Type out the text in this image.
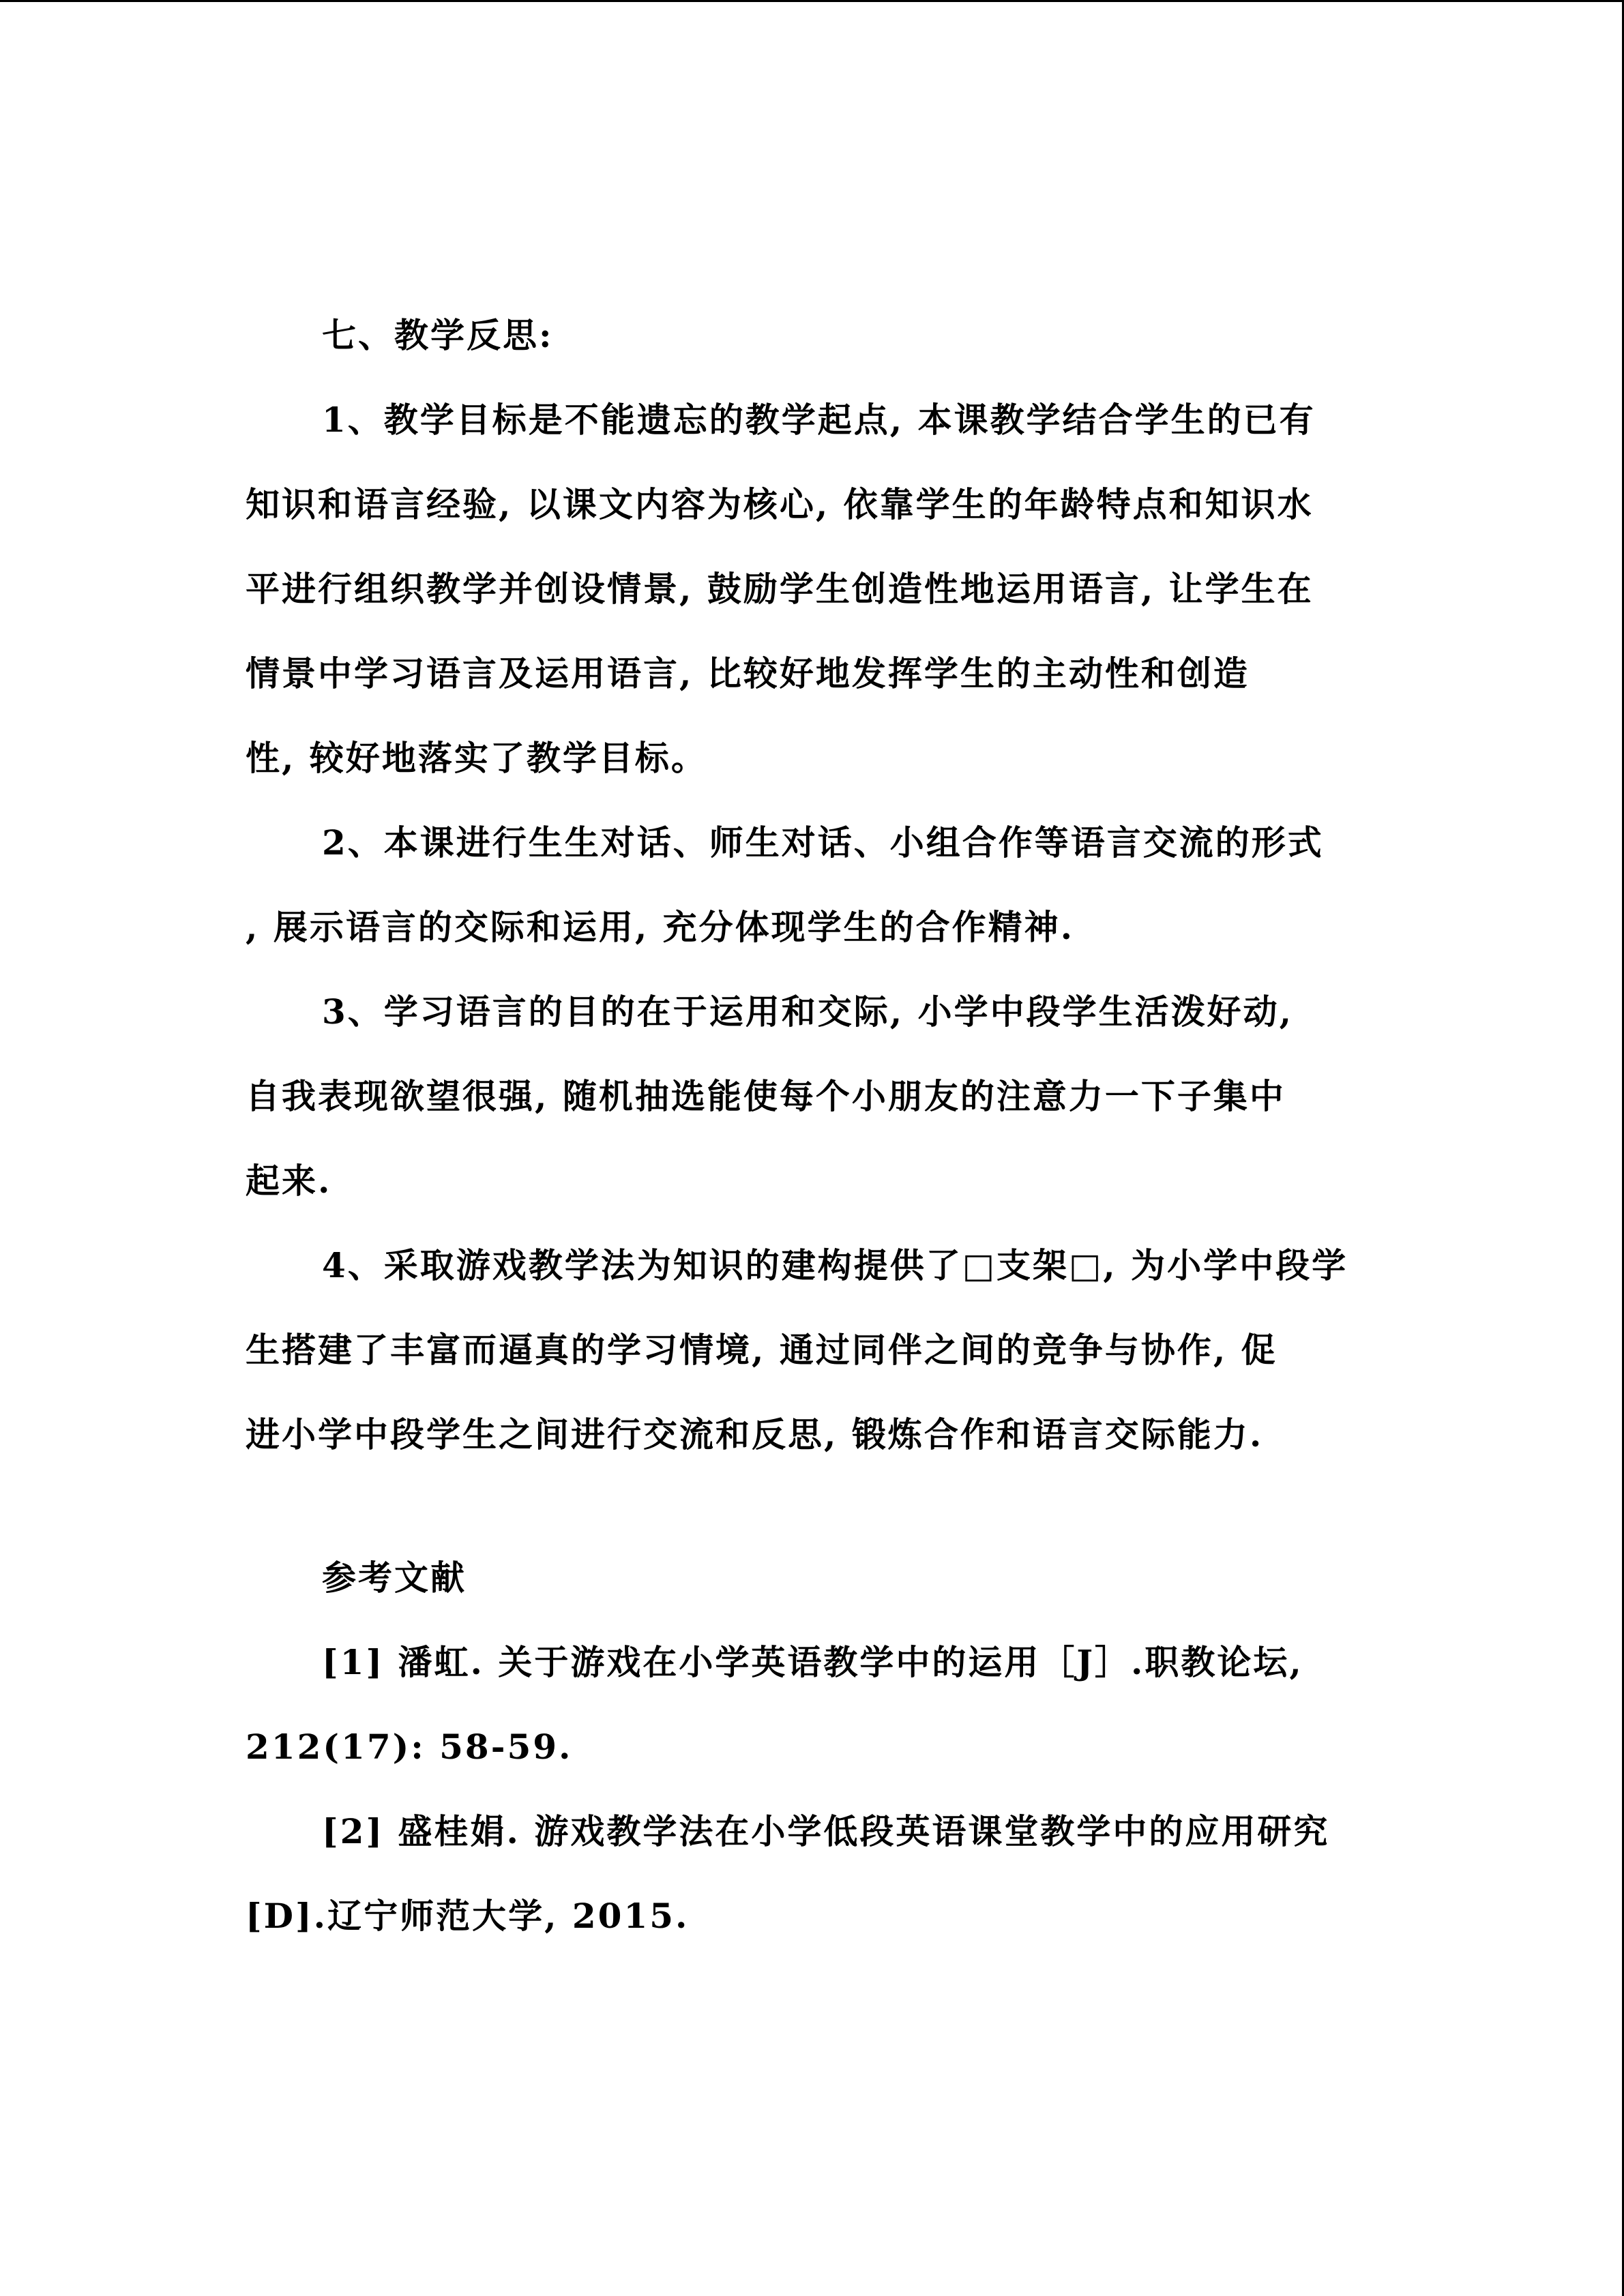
七、教学反思:
1、教学目标是不能遗忘的教学起点, 本课教学结合学生的已有
知识和语言经验, 以课文内容为核心, 依靠学生的年龄特点和知识水
平进行组织教学并创设情景, 鼓励学生创造性地运用语言, 让学生在
情景中学习语言及运用语言, 比较好地发挥学生的主动性和创造
性, 较好地落实了教学目标。
2、本课进行生生对话、师生对话、小组合作等语言交流的形式
, 展示语言的交际和运用, 充分体现学生的合作精神.
3、学习语言的目的在于运用和交际, 小学中段学生活泼好动,
自我表现欲望很强, 随机抽选能使每个小朋友的注意力一下子集中
起来.
4、采取游戏教学法为知识的建构提供了□支架□, 为小学中段学
生搭建了丰富而逼真的学习情境, 通过同伴之间的竞争与协作, 促
进小学中段学生之间进行交流和反思, 锻炼合作和语言交际能力.
参考文献
[1] 潘虹. 关于游戏在小学英语教学中的运用［J］.职教论坛,
212(17): 58-59.
[2] 盛桂娟. 游戏教学法在小学低段英语课堂教学中的应用研究
[D].辽宁师范大学, 2015.
